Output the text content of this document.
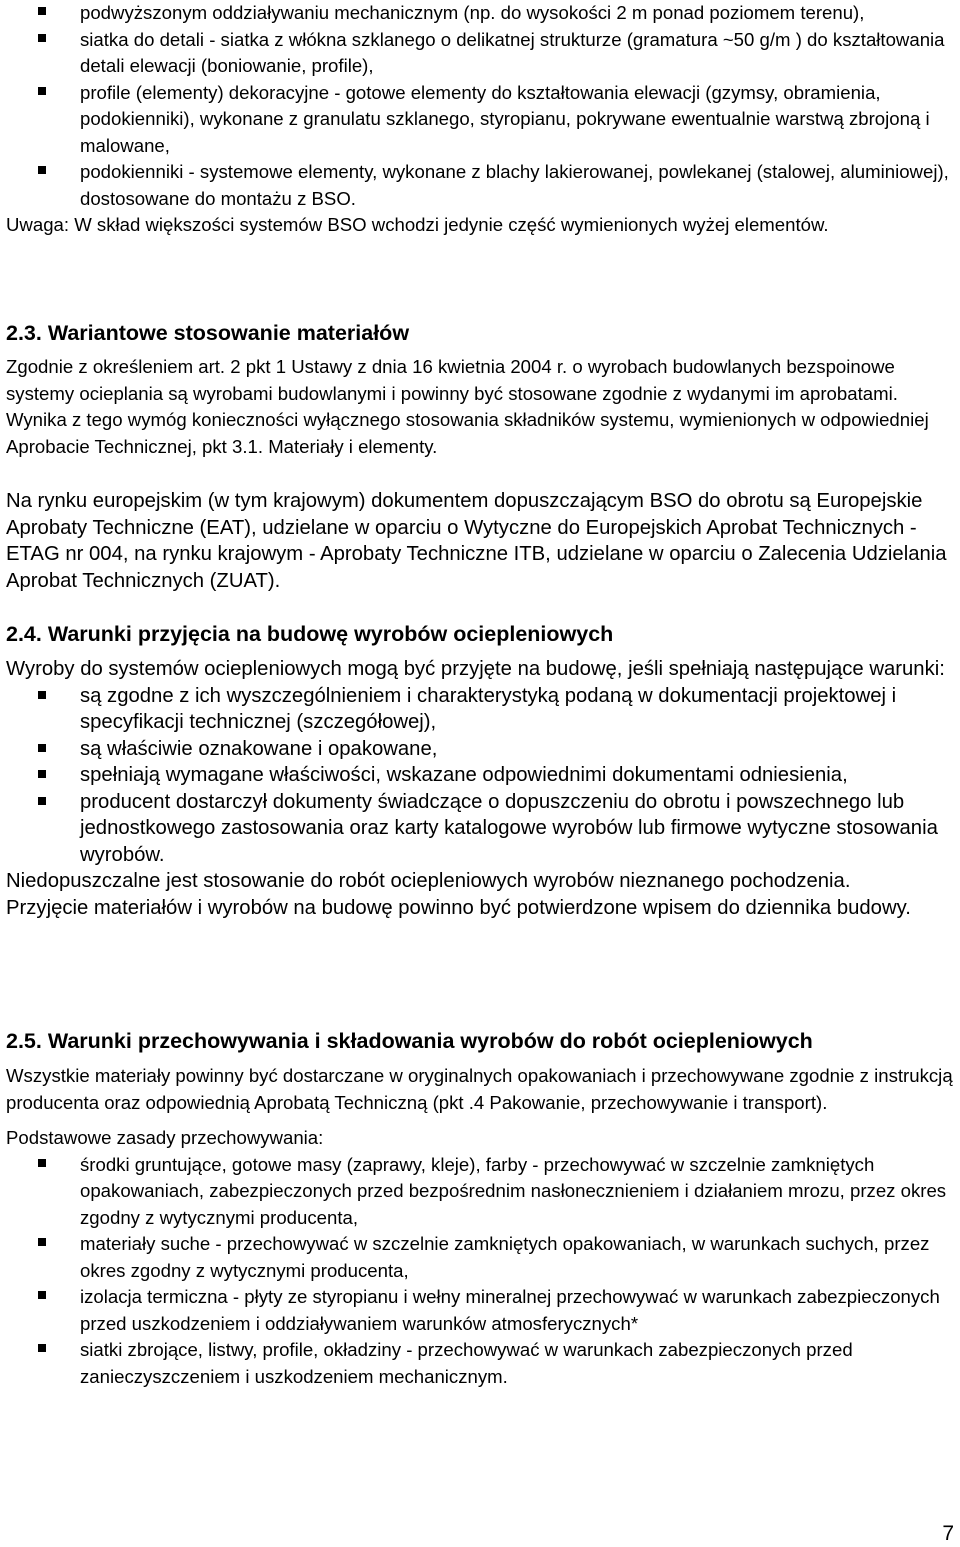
podwyższonym oddziaływaniu mechanicznym (np. do wysokości 2 m ponad poziomem terenu),
siatka do detali - siatka z włókna szklanego o delikatnej strukturze (gramatura ~50 g/m ) do kształtowania detali elewacji (boniowanie, profile),
profile (elementy) dekoracyjne - gotowe elementy do kształtowania elewacji (gzymsy, obramienia, podokienniki), wykonane z granulatu szklanego, styropianu, pokrywane ewentualnie warstwą zbrojoną i malowane,
podokienniki - systemowe elementy, wykonane z blachy lakierowanej, powlekanej (stalowej, aluminiowej), dostosowane do montażu z BSO.

Uwaga: W skład większości systemów BSO wchodzi jedynie część wymienionych wyżej elementów.

2.3. Wariantowe stosowanie materiałów

Zgodnie z określeniem art. 2 pkt 1 Ustawy z dnia 16 kwietnia 2004 r. o wyrobach budowlanych bezspoinowe systemy ocieplania są wyrobami budowlanymi i powinny być stosowane zgodnie z wydanymi im aprobatami. Wynika z tego wymóg konieczności wyłącznego stosowania składników systemu, wymienionych w odpowiedniej Aprobacie Technicznej, pkt 3.1. Materiały i elementy.

Na rynku europejskim (w tym krajowym) dokumentem dopuszczającym BSO do obrotu są Europejskie Aprobaty Techniczne (EAT), udzielane w oparciu o Wytyczne do Europejskich Aprobat Technicznych - ETAG nr 004, na rynku krajowym - Aprobaty Techniczne ITB, udzielane w oparciu o Zalecenia Udzielania Aprobat Technicznych (ZUAT).

2.4. Warunki przyjęcia na budowę wyrobów ociepleniowych

Wyroby do systemów ociepleniowych mogą być przyjęte na budowę, jeśli spełniają następujące warunki:

są zgodne z ich wyszczególnieniem i charakterystyką podaną w dokumentacji projektowej i specyfikacji technicznej (szczegółowej),
są właściwie oznakowane i opakowane,
spełniają wymagane właściwości, wskazane odpowiednimi dokumentami odniesienia,
producent dostarczył dokumenty świadczące o dopuszczeniu do obrotu i powszechnego lub jednostkowego zastosowania oraz karty katalogowe wyrobów lub firmowe wytyczne stosowania wyrobów.

Niedopuszczalne jest stosowanie do robót ociepleniowych wyrobów nieznanego pochodzenia.

Przyjęcie materiałów i wyrobów na budowę powinno być potwierdzone wpisem do dziennika budowy.

2.5. Warunki przechowywania i składowania wyrobów do robót ociepleniowych

Wszystkie materiały powinny być dostarczane w oryginalnych opakowaniach i przechowywane zgodnie z instrukcją producenta oraz odpowiednią Aprobatą Techniczną (pkt .4 Pakowanie, przechowywanie i transport).

Podstawowe zasady przechowywania:

środki gruntujące, gotowe masy (zaprawy, kleje), farby - przechowywać w szczelnie zamkniętych opakowaniach, zabezpieczonych przed bezpośrednim nasłonecznieniem i działaniem mrozu, przez okres zgodny z wytycznymi producenta,
materiały suche - przechowywać w szczelnie zamkniętych opakowaniach, w warunkach suchych, przez okres zgodny z wytycznymi producenta,
izolacja termiczna - płyty ze styropianu i wełny mineralnej przechowywać w warunkach zabezpieczonych przed uszkodzeniem i oddziaływaniem warunków atmosferycznych*
siatki zbrojące, listwy, profile, okładziny - przechowywać w warunkach zabezpieczonych przed zanieczyszczeniem i uszkodzeniem mechanicznym.
7
